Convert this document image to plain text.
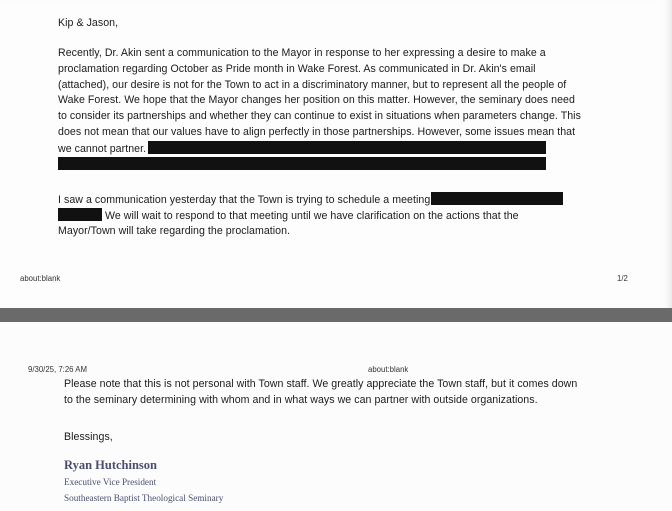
Kip & Jason,
Recently, Dr. Akin sent a communication to the Mayor in response to her expressing a desire to make a
proclamation regarding October as Pride month in Wake Forest. As communicated in Dr. Akin's email
(attached), our desire is not for the Town to act in a discriminatory manner, but to represent all the people of
Wake Forest. We hope that the Mayor changes her position on this matter. However, the seminary does need
to consider its partnerships and whether they can continue to exist in situations when parameters change. This
does not mean that our values have to align perfectly in those partnerships. However, some issues mean that
we cannot partner.
I saw a communication yesterday that the Town is trying to schedule a meeting
We will wait to respond to that meeting until we have clarification on the actions that the
Mayor/Town will take regarding the proclamation.
about:blank	1/2
9/30/25, 7:26 AM	about:blank
Please note that this is not personal with Town staff. We greatly appreciate the Town staff, but it comes down
to the seminary determining with whom and in what ways we can partner with outside organizations.
Blessings,
Ryan Hutchinson
Executive Vice President
Southeastern Baptist Theological Seminary
